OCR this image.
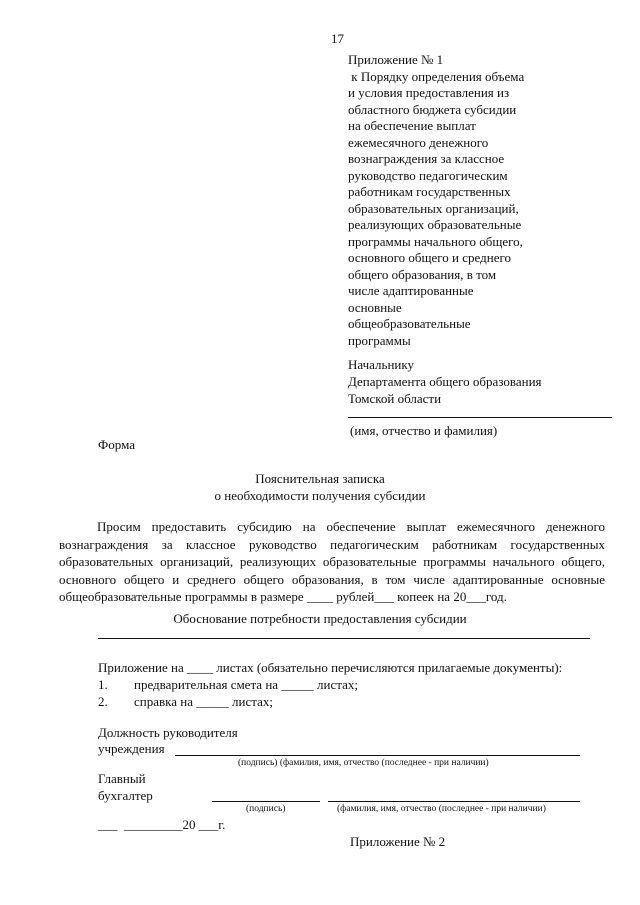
17
Приложение № 1
к Порядку определения объема
и условия предоставления из
областного бюджета субсидии
на обеспечение выплат
ежемесячного денежного
вознаграждения за классное
руководство педагогическим
работникам государственных
образовательных организаций,
реализующих образовательные
программы начального общего,
основного общего и среднего
общего образования, в том
числе адаптированные
основные
общеобразовательные
программы
Начальнику
Департамента общего образования
Томской области
(имя, отчество и фамилия)
Форма
Пояснительная записка
о необходимости получения субсидии
Просим предоставить субсидию на обеспечение выплат ежемесячного денежного вознаграждения за классное руководство педагогическим работникам государственных образовательных организаций, реализующих образовательные программы начального общего, основного общего и среднего общего образования, в том числе адаптированные основные общеобразовательные программы в размере ____ рублей___ копеек на 20___год.
Обоснование потребности предоставления субсидии
Приложение на ____ листах (обязательно перечисляются прилагаемые документы):
1. предварительная смета на _____ листах;
2. справка на _____ листах;
Должность руководителя
учреждения
(подпись) (фамилия, имя, отчество (последнее - при наличии)
Главный
бухгалтер
(подпись)	(фамилия, имя, отчество (последнее - при наличии)
___ _________20 ___г.
Приложение № 2
